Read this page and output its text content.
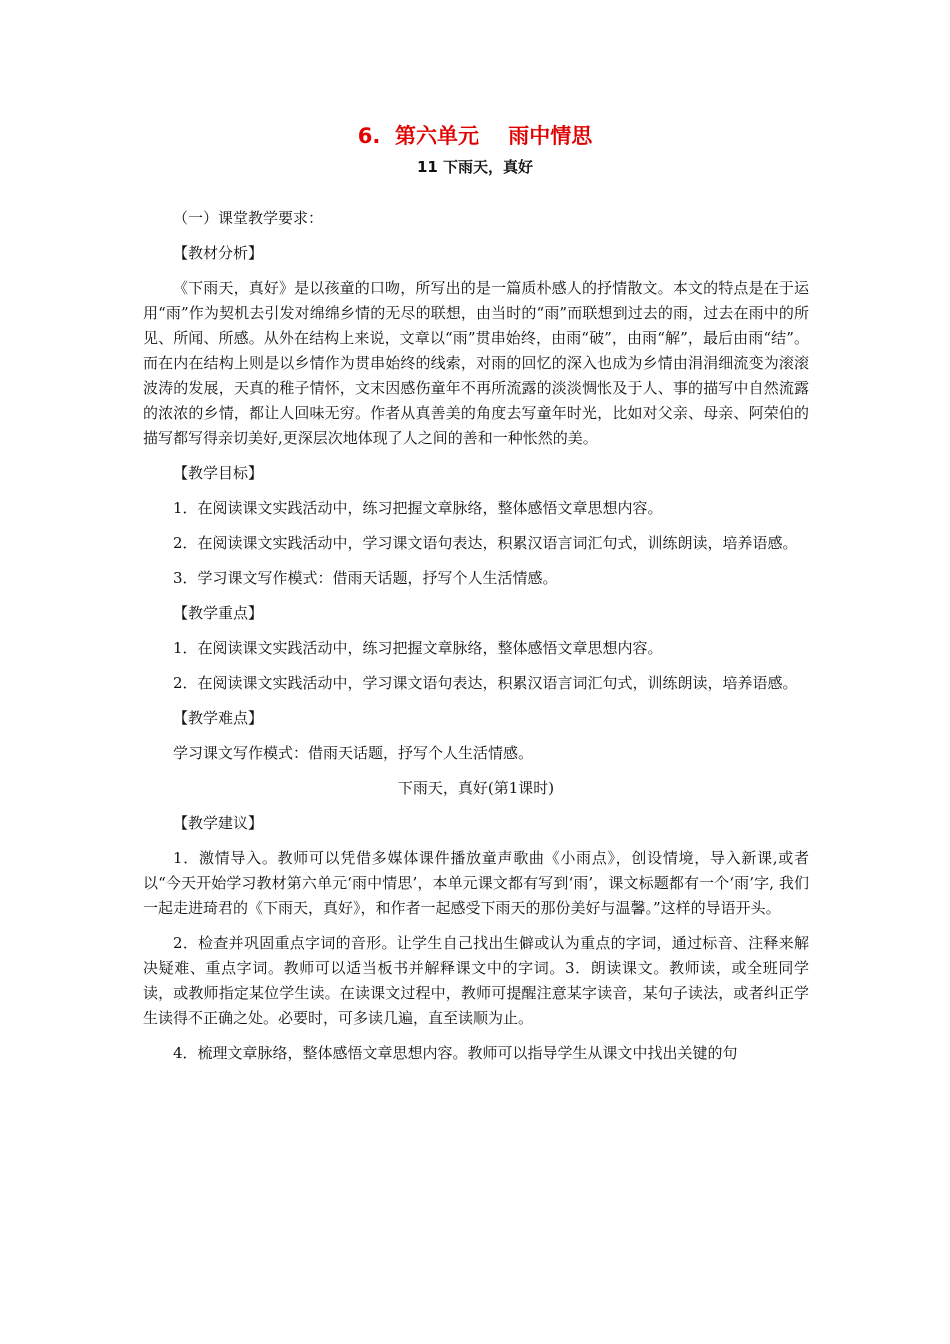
6.  第六单元    雨中情思
11 下雨天，真好

（一）课堂教学要求：

【教材分析】

《下雨天，真好》是以孩童的口吻，所写出的是一篇质朴感人的抒情散文。本文的特点是在于运用“雨”作为契机去引发对绵绵乡情的无尽的联想，由当时的“雨”而联想到过去的雨，过去在雨中的所见、所闻、所感。从外在结构上来说，文章以“雨”贯串始终，由雨“破”，由雨“解”，最后由雨“结”。而在内在结构上则是以乡情作为贯串始终的线索，对雨的回忆的深入也成为乡情由涓涓细流变为滚滚波涛的发展，天真的稚子情怀，文末因感伤童年不再所流露的淡淡惆怅及于人、事的描写中自然流露的浓浓的乡情，都让人回味无穷。作者从真善美的角度去写童年时光，比如对父亲、母亲、阿荣伯的描写都写得亲切美好,更深层次地体现了人之间的善和一种怅然的美。

【教学目标】

1．在阅读课文实践活动中，练习把握文章脉络，整体感悟文章思想内容。

2．在阅读课文实践活动中，学习课文语句表达，积累汉语言词汇句式，训练朗读，培养语感。

3．学习课文写作模式：借雨天话题，抒写个人生活情感。

【教学重点】

1．在阅读课文实践活动中，练习把握文章脉络，整体感悟文章思想内容。

2．在阅读课文实践活动中，学习课文语句表达，积累汉语言词汇句式，训练朗读，培养语感。

【教学难点】

学习课文写作模式：借雨天话题，抒写个人生活情感。

下雨天，真好(第1课时)

【教学建议】

1．激情导入。教师可以凭借多媒体课件播放童声歌曲《小雨点》，创设情境，导入新课,或者以“今天开始学习教材第六单元‘雨中情思’，本单元课文都有写到‘雨’，课文标题都有一个‘雨’字, 我们一起走进琦君的《下雨天，真好》，和作者一起感受下雨天的那份美好与温馨。”这样的导语开头。

2．检查并巩固重点字词的音形。让学生自己找出生僻或认为重点的字词，通过标音、注释来解决疑难、重点字词。教师可以适当板书并解释课文中的字词。3．朗读课文。教师读，或全班同学读，或教师指定某位学生读。在读课文过程中，教师可提醒注意某字读音，某句子读法，或者纠正学生读得不正确之处。必要时，可多读几遍，直至读顺为止。

4．梳理文章脉络，整体感悟文章思想内容。教师可以指导学生从课文中找出关键的句
